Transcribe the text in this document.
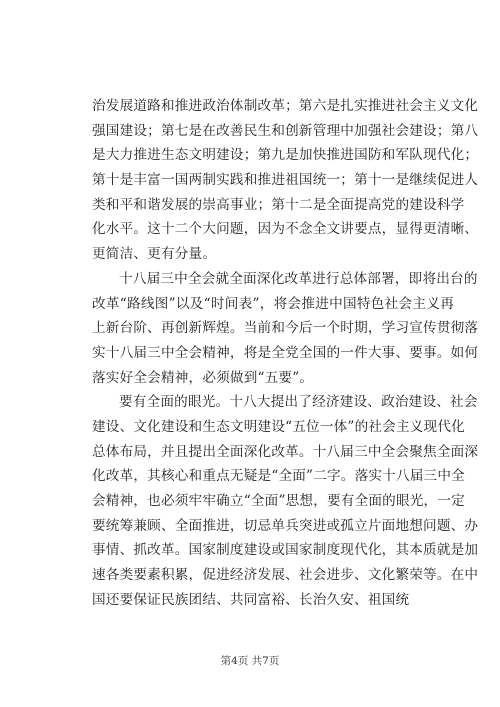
治发展道路和推进政治体制改革；第六是扎实推进社会主义文化
强国建设；第七是在改善民生和创新管理中加强社会建设；第八
是大力推进生态文明建设；第九是加快推进国防和军队现代化；
第十是丰富一国两制实践和推进祖国统一；第十一是继续促进人
类和平和谐发展的崇高事业；第十二是全面提高党的建设科学
化水平。这十二个大问题，因为不念全文讲要点，显得更清晰、
更简洁、更有分量。
十八届三中全会就全面深化改革进行总体部署，即将出台的
改革“路线图”以及“时间表”，将会推进中国特色社会主义再
上新台阶、再创新辉煌。当前和今后一个时期，学习宣传贯彻落
实十八届三中全会精神，将是全党全国的一件大事、要事。如何
落实好全会精神，必须做到“五要”。
要有全面的眼光。十八大提出了经济建设、政治建设、社会
建设、文化建设和生态文明建设“五位一体”的社会主义现代化
总体布局，并且提出全面深化改革。十八届三中全会聚焦全面深
化改革，其核心和重点无疑是“全面”二字。落实十八届三中全
会精神，也必须牢牢确立“全面”思想，要有全面的眼光，一定
要统筹兼顾、全面推进，切忌单兵突进或孤立片面地想问题、办
事情、抓改革。国家制度建设或国家制度现代化，其本质就是加
速各类要素积累，促进经济发展、社会进步、文化繁荣等。在中
国还要保证民族团结、共同富裕、长治久安、祖国统
第4页 共7页
